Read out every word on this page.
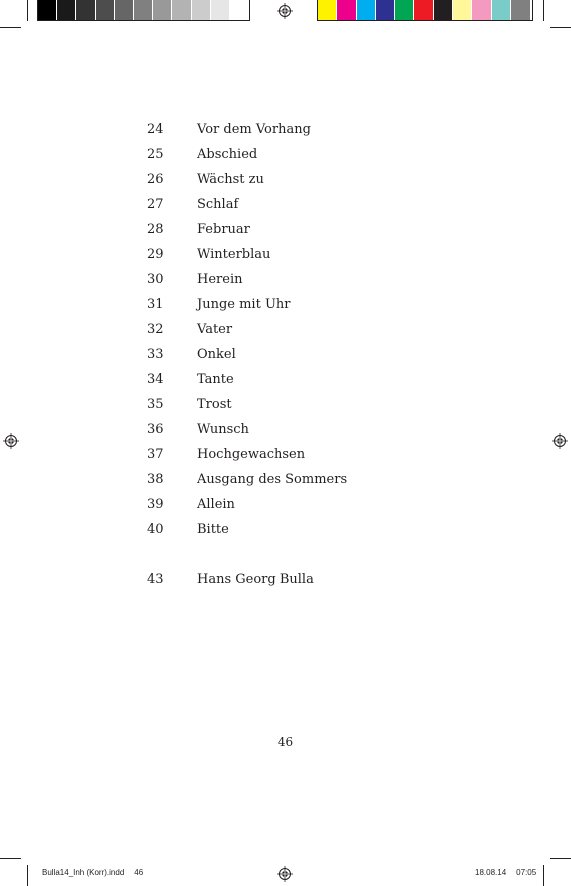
24	Vor dem Vorhang
25	Abschied
26	Wächst zu
27	Schlaf
28	Februar
29	Winterblau
30	Herein
31	Junge mit Uhr
32	Vater
33	Onkel
34	Tante
35	Trost
36	Wunsch
37	Hochgewachsen
38	Ausgang des Sommers
39	Allein
40	Bitte
43	Hans Georg Bulla
46
Bulla14_Inh (Korr).indd 46	18.08.14 07:05
